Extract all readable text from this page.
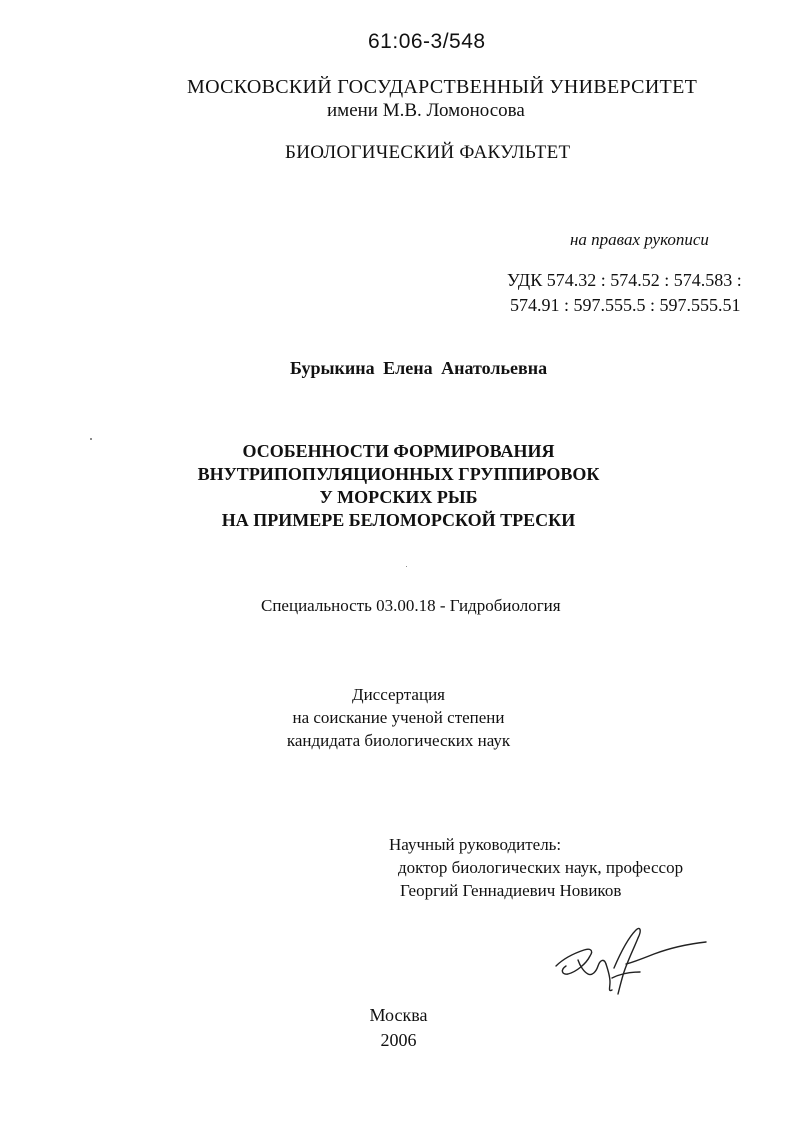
61:06-3/548
МОСКОВСКИЙ ГОСУДАРСТВЕННЫЙ УНИВЕРСИТЕТ
имени М.В. Ломоносова
БИОЛОГИЧЕСКИЙ ФАКУЛЬТЕТ
на правах рукописи
УДК 574.32 : 574.52 : 574.583 :
574.91 : 597.555.5 : 597.555.51
Бурыкина Елена Анатольевна
ОСОБЕННОСТИ ФОРМИРОВАНИЯ
ВНУТРИПОПУЛЯЦИОННЫХ ГРУППИРОВОК
У МОРСКИХ РЫБ
НА ПРИМЕРЕ БЕЛОМОРСКОЙ ТРЕСКИ
Специальность 03.00.18 - Гидробиология
Диссертация
на соискание ученой степени
кандидата биологических наук
Научный руководитель:
доктор биологических наук, профессор
Георгий Геннадиевич Новиков
Москва
2006
